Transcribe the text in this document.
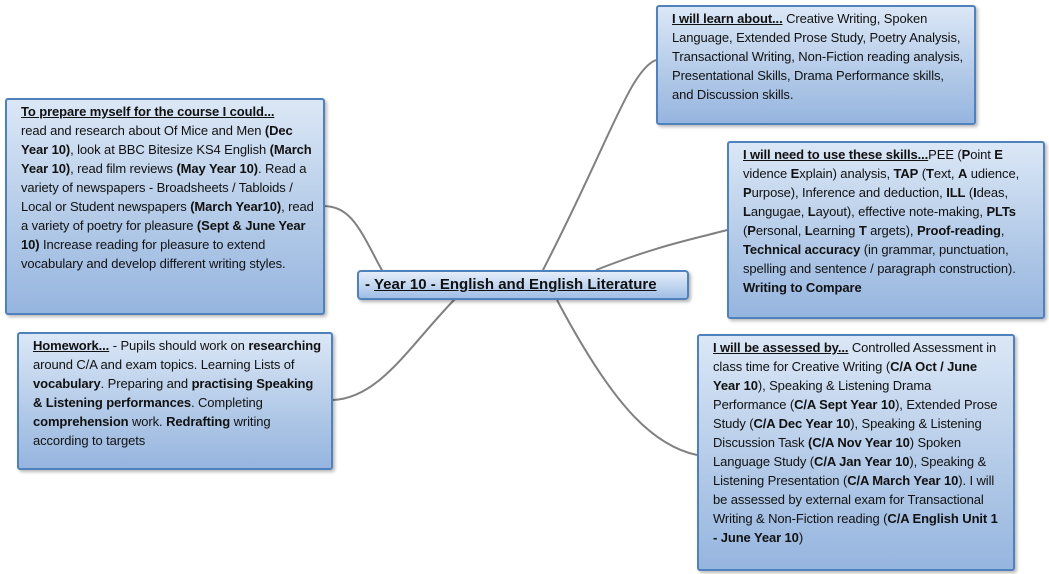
- Year 10 - English and English Literature
To prepare myself for the course I could...
read and research about Of Mice and Men (Dec Year 10), look at BBC Bitesize KS4 English (March Year 10), read film reviews (May Year 10). Read a variety of newspapers - Broadsheets / Tabloids / Local or Student newspapers (March Year10), read a variety of poetry for pleasure (Sept & June Year 10) Increase reading for pleasure to extend vocabulary and develop different writing styles.
Homework... - Pupils should work on researching around C/A and exam topics. Learning Lists of vocabulary. Preparing and practising Speaking & Listening performances. Completing comprehension work. Redrafting writing according to targets
I will learn about... Creative Writing, Spoken Language, Extended Prose Study, Poetry Analysis, Transactional Writing, Non-Fiction reading analysis, Presentational Skills, Drama Performance skills, and Discussion skills.
I will need to use these skills...PEE (Point E vidence Explain) analysis, TAP (Text, A udience, Purpose), Inference and deduction, ILL (Ideas, Langugae, Layout), effective note-making, PLTs (Personal, Learning T argets), Proof-reading, Technical accuracy (in grammar, punctuation, spelling and sentence / paragraph construction). Writing to Compare
I will be assessed by... Controlled Assessment in class time for Creative Writing (C/A Oct / June Year 10), Speaking & Listening Drama Performance (C/A Sept Year 10), Extended Prose Study (C/A Dec Year 10), Speaking & Listening Discussion Task (C/A Nov Year 10) Spoken Language Study (C/A Jan Year 10), Speaking & Listening Presentation (C/A March Year 10). I will be assessed by external exam for Transactional Writing & Non-Fiction reading (C/A English Unit 1 - June Year 10)
